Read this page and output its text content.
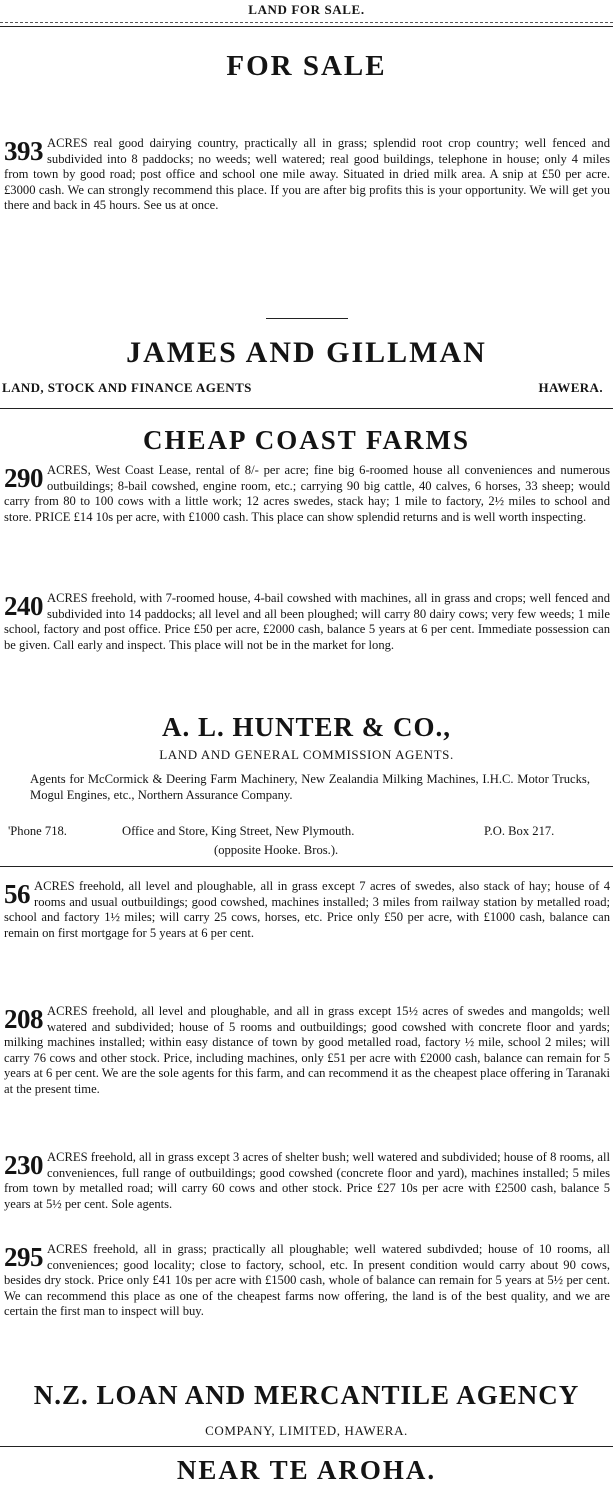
LAND FOR SALE.
FOR SALE
393 ACRES real good dairying country, practically all in grass; splendid root crop country; well fenced and subdivided into 8 paddocks; no weeds; well watered; real good buildings, telephone in house; only 4 miles from town by good road; post office and school one mile away. Situated in dried milk area. A snip at £50 per acre. £3000 cash. We can strongly recommend this place. If you are after big profits this is your opportunity. We will get you there and back in 45 hours. See us at once.
JAMES AND GILLMAN
LAND, STOCK AND FINANCE AGENTS	HAWERA.
CHEAP COAST FARMS
290 ACRES, West Coast Lease, rental of 8/- per acre; fine big 6-roomed house all conveniences and numerous outbuildings; 8-bail cowshed, engine room, etc.; carrying 90 big cattle, 40 calves, 6 horses, 33 sheep; would carry from 80 to 100 cows with a little work; 12 acres swedes, stack hay; 1 mile to factory, 2½ miles to school and store. PRICE £14 10s per acre, with £1000 cash. This place can show splendid returns and is well worth inspecting.
240 ACRES freehold, with 7-roomed house, 4-bail cowshed with machines, all in grass and crops; well fenced and subdivided into 14 paddocks; all level and all been ploughed; will carry 80 dairy cows; very few weeds; 1 mile school, factory and post office. Price £50 per acre, £2000 cash, balance 5 years at 6 per cent. Immediate possession can be given. Call early and inspect. This place will not be in the market for long.
A. L. HUNTER & CO.,
LAND AND GENERAL COMMISSION AGENTS.
Agents for McCormick & Deering Farm Machinery, New Zealandia Milking Machines, I.H.C. Motor Trucks, Mogul Engines, etc., Northern Assurance Company.
'Phone 718.	Office and Store, King Street, New Plymouth.	P.O. Box 217.
(opposite Hooke. Bros.).
56 ACRES freehold, all level and ploughable, all in grass except 7 acres of swedes, also stack of hay; house of 4 rooms and usual outbuildings; good cowshed, machines installed; 3 miles from railway station by metalled road; school and factory 1½ miles; will carry 25 cows, horses, etc. Price only £50 per acre, with £1000 cash, balance can remain on first mortgage for 5 years at 6 per cent.
208 ACRES freehold, all level and ploughable, and all in grass except 15½ acres of swedes and mangolds; well watered and subdivided; house of 5 rooms and outbuildings; good cowshed with concrete floor and yards; milking machines installed; within easy distance of town by good metalled road, factory ½ mile, school 2 miles; will carry 76 cows and other stock. Price, including machines, only £51 per acre with £2000 cash, balance can remain for 5 years at 6 per cent. We are the sole agents for this farm, and can recommend it as the cheapest place offering in Taranaki at the present time.
230 ACRES freehold, all in grass except 3 acres of shelter bush; well watered and subdivided; house of 8 rooms, all conveniences, full range of outbuildings; good cowshed (concrete floor and yard), machines installed; 5 miles from town by metalled road; will carry 60 cows and other stock. Price £27 10s per acre with £2500 cash, balance 5 years at 5½ per cent. Sole agents.
295 ACRES freehold, all in grass; practically all ploughable; well watered subdivded; house of 10 rooms, all conveniences; good locality; close to factory, school, etc. In present condition would carry about 90 cows, besides dry stock. Price only £41 10s per acre with £1500 cash, whole of balance can remain for 5 years at 5½ per cent. We can recommend this place as one of the cheapest farms now offering, the land is of the best quality, and we are certain the first man to inspect will buy.
N.Z. LOAN AND MERCANTILE AGENCY
COMPANY, LIMITED, HAWERA.
NEAR TE AROHA.
